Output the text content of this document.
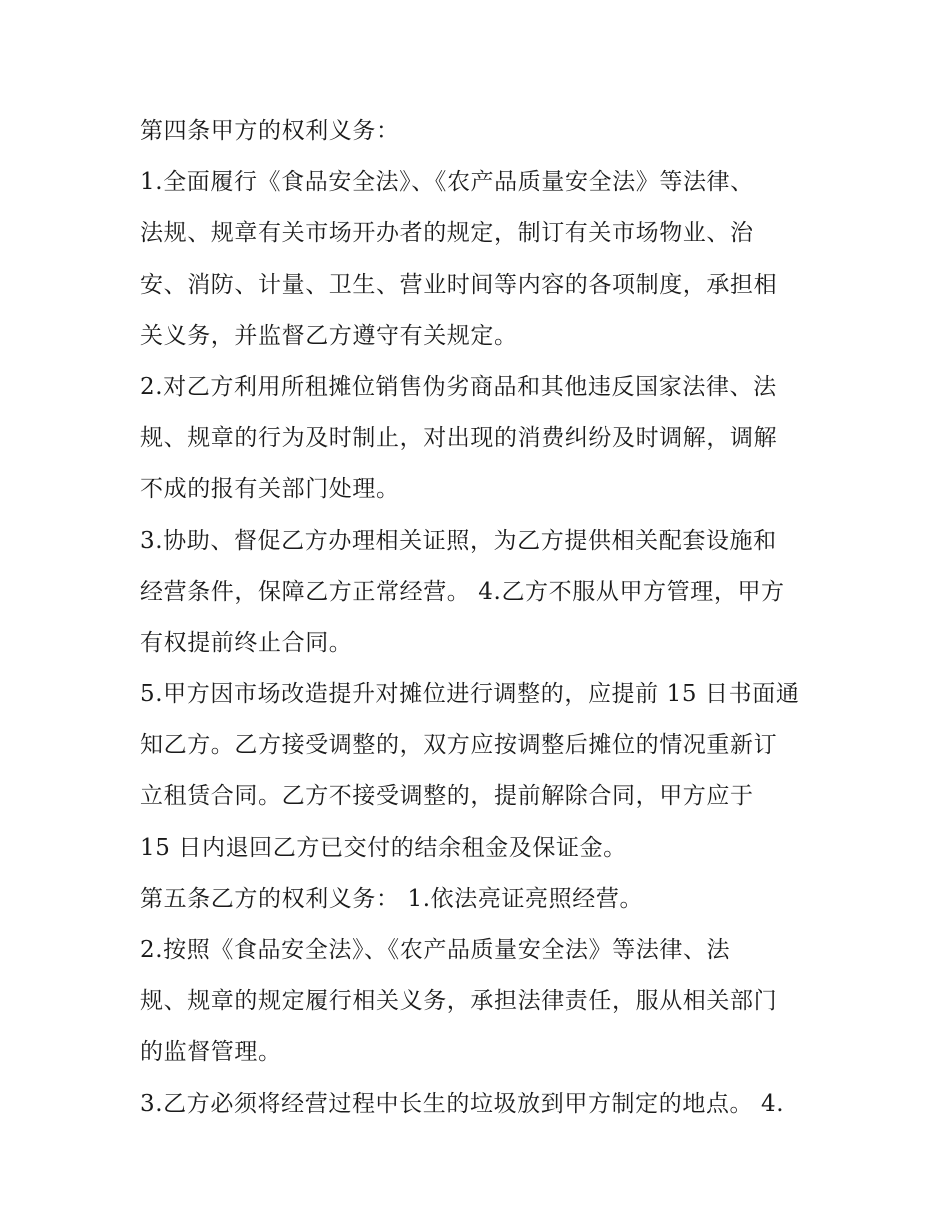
第四条甲方的权利义务：
1.全面履行《食品安全法》、《农产品质量安全法》等法律、
法规、规章有关市场开办者的规定，制订有关市场物业、治
安、消防、计量、卫生、营业时间等内容的各项制度，承担相
关义务，并监督乙方遵守有关规定。
2.对乙方利用所租摊位销售伪劣商品和其他违反国家法律、法
规、规章的行为及时制止，对出现的消费纠纷及时调解，调解
不成的报有关部门处理。
3.协助、督促乙方办理相关证照，为乙方提供相关配套设施和
经营条件，保障乙方正常经营。 4.乙方不服从甲方管理，甲方
有权提前终止合同。
5.甲方因市场改造提升对摊位进行调整的，应提前 15 日书面通
知乙方。乙方接受调整的，双方应按调整后摊位的情况重新订
立租赁合同。乙方不接受调整的，提前解除合同，甲方应于
15 日内退回乙方已交付的结余租金及保证金。
第五条乙方的权利义务： 1.依法亮证亮照经营。
2.按照《食品安全法》、《农产品质量安全法》等法律、法
规、规章的规定履行相关义务，承担法律责任，服从相关部门
的监督管理。
3.乙方必须将经营过程中长生的垃圾放到甲方制定的地点。 4.
